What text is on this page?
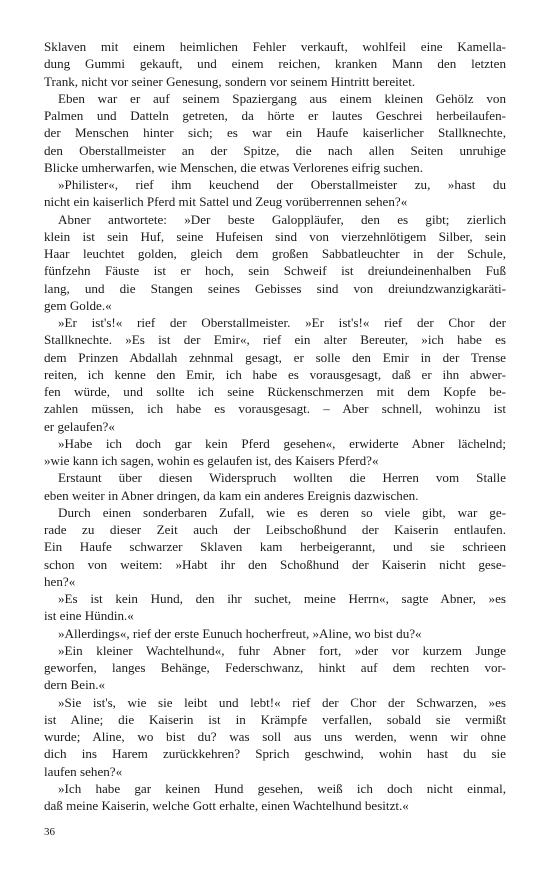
Sklaven mit einem heimlichen Fehler verkauft, wohlfeil eine Kamella-
dung Gummi gekauft, und einem reichen, kranken Mann den letzten
Trank, nicht vor seiner Genesung, sondern vor seinem Hintritt bereitet.
Eben war er auf seinem Spaziergang aus einem kleinen Gehölz von
Palmen und Datteln getreten, da hörte er lautes Geschrei herbeilaufen-
der Menschen hinter sich; es war ein Haufe kaiserlicher Stallknechte,
den Oberstallmeister an der Spitze, die nach allen Seiten unruhige
Blicke umherwarfen, wie Menschen, die etwas Verlorenes eifrig suchen.
»Philister«, rief ihm keuchend der Oberstallmeister zu, »hast du
nicht ein kaiserlich Pferd mit Sattel und Zeug vorüberrennen sehen?«
Abner antwortete: »Der beste Galoppläufer, den es gibt; zierlich
klein ist sein Huf, seine Hufeisen sind von vierzehnlötigem Silber, sein
Haar leuchtet golden, gleich dem großen Sabbatleuchter in der Schule,
fünfzehn Fäuste ist er hoch, sein Schweif ist dreiundeinenhalben Fuß
lang, und die Stangen seines Gebisses sind von dreiundzwanzigkaräti-
gem Golde.«
»Er ist's!« rief der Oberstallmeister. »Er ist's!« rief der Chor der
Stallknechte. »Es ist der Emir«, rief ein alter Bereuter, »ich habe es
dem Prinzen Abdallah zehnmal gesagt, er solle den Emir in der Trense
reiten, ich kenne den Emir, ich habe es vorausgesagt, daß er ihn abwer-
fen würde, und sollte ich seine Rückenschmerzen mit dem Kopfe be-
zahlen müssen, ich habe es vorausgesagt. – Aber schnell, wohinzu ist
er gelaufen?«
»Habe ich doch gar kein Pferd gesehen«, erwiderte Abner lächelnd;
»wie kann ich sagen, wohin es gelaufen ist, des Kaisers Pferd?«
Erstaunt über diesen Widerspruch wollten die Herren vom Stalle
eben weiter in Abner dringen, da kam ein anderes Ereignis dazwischen.
Durch einen sonderbaren Zufall, wie es deren so viele gibt, war ge-
rade zu dieser Zeit auch der Leibschoßhund der Kaiserin entlaufen.
Ein Haufe schwarzer Sklaven kam herbeigerannt, und sie schrieen
schon von weitem: »Habt ihr den Schoßhund der Kaiserin nicht gese-
hen?«
»Es ist kein Hund, den ihr suchet, meine Herrn«, sagte Abner, »es
ist eine Hündin.«
»Allerdings«, rief der erste Eunuch hocherfreut, »Aline, wo bist du?«
»Ein kleiner Wachtelhund«, fuhr Abner fort, »der vor kurzem Junge
geworfen, langes Behänge, Federschwanz, hinkt auf dem rechten vor-
dern Bein.«
»Sie ist's, wie sie leibt und lebt!« rief der Chor der Schwarzen, »es
ist Aline; die Kaiserin ist in Krämpfe verfallen, sobald sie vermißt
wurde; Aline, wo bist du? was soll aus uns werden, wenn wir ohne
dich ins Harem zurückkehren? Sprich geschwind, wohin hast du sie
laufen sehen?«
»Ich habe gar keinen Hund gesehen, weiß ich doch nicht einmal,
daß meine Kaiserin, welche Gott erhalte, einen Wachtelhund besitzt.«
36
